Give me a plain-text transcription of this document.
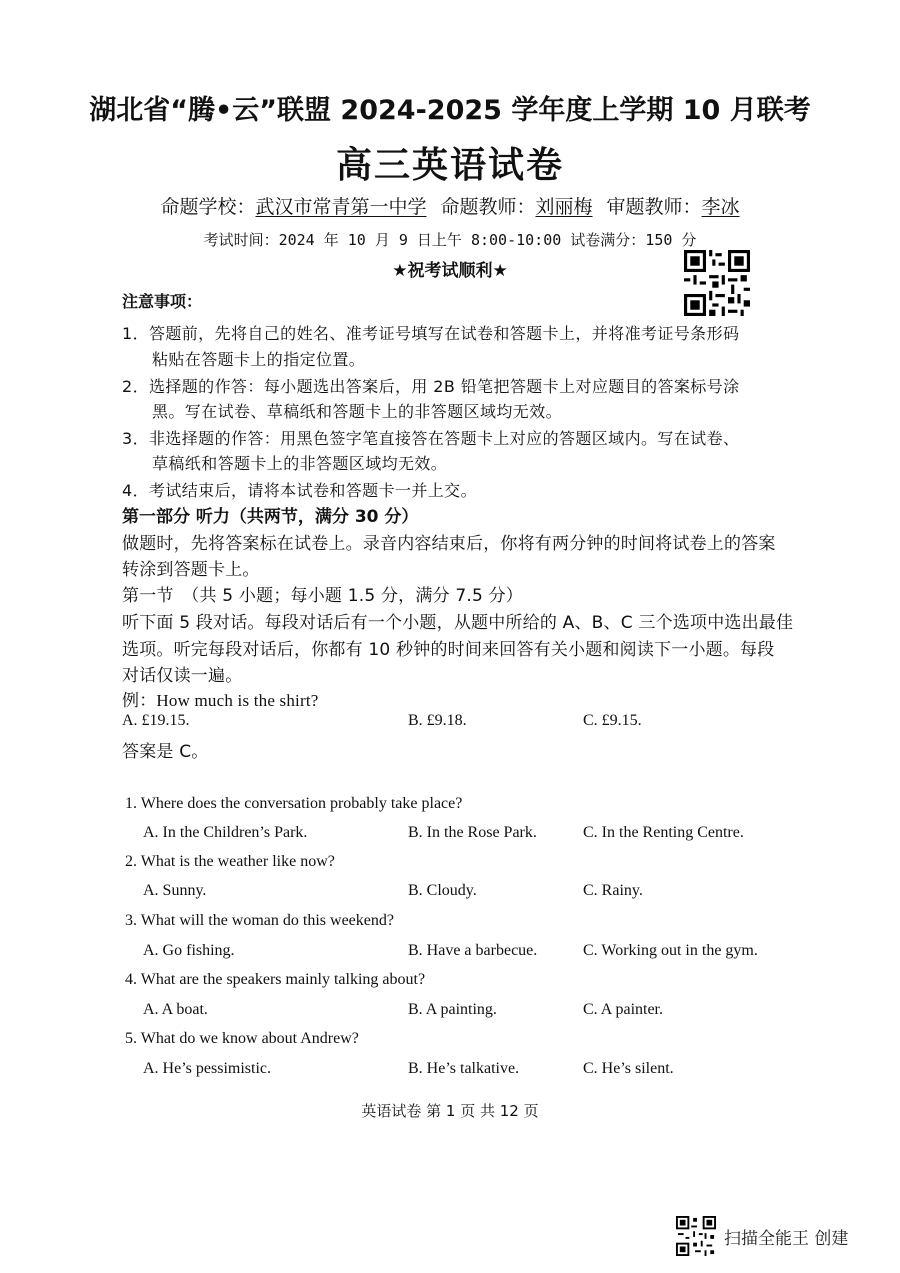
湖北省“腾•云”联盟 2024-2025 学年度上学期 10 月联考
高三英语试卷
命题学校：武汉市常青第一中学 命题教师：刘丽梅 审题教师：李冰
考试时间：2024 年 10 月 9 日上午 8:00-10:00 试卷满分：150 分
★祝考试顺利★
注意事项：
1．答题前，先将自己的姓名、准考证号填写在试卷和答题卡上，并将准考证号条形码
粘贴在答题卡上的指定位置。
2．选择题的作答：每小题选出答案后，用 2B 铅笔把答题卡上对应题目的答案标号涂
黑。写在试卷、草稿纸和答题卡上的非答题区域均无效。
3．非选择题的作答：用黑色签字笔直接答在答题卡上对应的答题区域内。写在试卷、
草稿纸和答题卡上的非答题区域均无效。
4．考试结束后，请将本试卷和答题卡一并上交。
第一部分 听力（共两节，满分 30 分）
做题时，先将答案标在试卷上。录音内容结束后，你将有两分钟的时间将试卷上的答案
转涂到答题卡上。
第一节　（共 5 小题；每小题 1.5 分，满分 7.5 分）
听下面 5 段对话。每段对话后有一个小题，从题中所给的 A、B、C 三个选项中选出最佳
选项。听完每段对话后，你都有 10 秒钟的时间来回答有关小题和阅读下一小题。每段
对话仅读一遍。
例：How much is the shirt?
A. £19.15.	B. £9.18.	C. £9.15.
答案是 C。
1. Where does the conversation probably take place?
A. In the Children’s Park.	B. In the Rose Park.	C. In the Renting Centre.
2. What is the weather like now?
A. Sunny.	B. Cloudy.	C. Rainy.
3. What will the woman do this weekend?
A. Go fishing.	B. Have a barbecue.	C. Working out in the gym.
4. What are the speakers mainly talking about?
A. A boat.	B. A painting.	C. A painter.
5. What do we know about Andrew?
A. He’s pessimistic.	B. He’s talkative.	C. He’s silent.
英语试卷 第 1 页 共 12 页
扫描全能王 创建
